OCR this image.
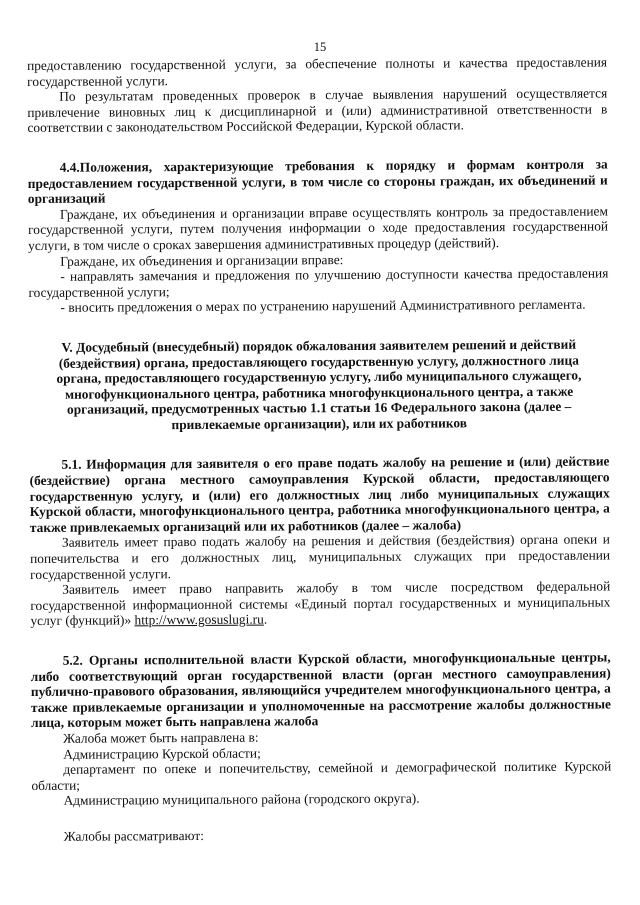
15

предоставлению государственной услуги, за обеспечение полноты и качества предоставления государственной услуги.

По результатам проведенных проверок в случае выявления нарушений осуществляется привлечение виновных лиц к дисциплинарной и (или) административной ответственности в соответствии с законодательством Российской Федерации, Курской области.

4.4.Положения, характеризующие требования к порядку и формам контроля за предоставлением государственной услуги, в том числе со стороны граждан, их объединений и организаций

Граждане, их объединения и организации вправе осуществлять контроль за предоставлением государственной услуги, путем получения информации о ходе предоставления государственной услуги, в том числе о сроках завершения административных процедур (действий).

Граждане, их объединения и организации вправе:

- направлять замечания и предложения по улучшению доступности качества предоставления государственной услуги;

- вносить предложения о мерах по устранению нарушений Административного регламента.

V. Досудебный (внесудебный) порядок обжалования заявителем решений и действий (бездействия) органа, предоставляющего государственную услугу, должностного лица органа, предоставляющего государственную услугу, либо муниципального служащего, многофункционального центра, работника многофункционального центра, а также организаций, предусмотренных частью 1.1 статьи 16 Федерального закона (далее – привлекаемые организации), или их работников

5.1. Информация для заявителя о его праве подать жалобу на решение и (или) действие (бездействие) органа местного самоуправления Курской области, предоставляющего государственную услугу, и (или) его должностных лиц либо муниципальных служащих Курской области, многофункционального центра, работника многофункционального центра, а также привлекаемых организаций или их работников (далее – жалоба)

Заявитель имеет право подать жалобу на решения и действия (бездействия) органа опеки и попечительства и его должностных лиц, муниципальных служащих при предоставлении государственной услуги.

Заявитель имеет право направить жалобу в том числе посредством федеральной государственной информационной системы «Единый портал государственных и муниципальных услуг (функций)» http://www.gosuslugi.ru.

5.2. Органы исполнительной власти Курской области, многофункциональные центры, либо соответствующий орган государственной власти (орган местного самоуправления) публично-правового образования, являющийся учредителем многофункционального центра, а также привлекаемые организации и уполномоченные на рассмотрение жалобы должностные лица, которым может быть направлена жалоба

Жалоба может быть направлена в:

Администрацию Курской области;

департамент по опеке и попечительству, семейной и демографической политике Курской области;

Администрацию муниципального района (городского округа).

Жалобы рассматривают:
